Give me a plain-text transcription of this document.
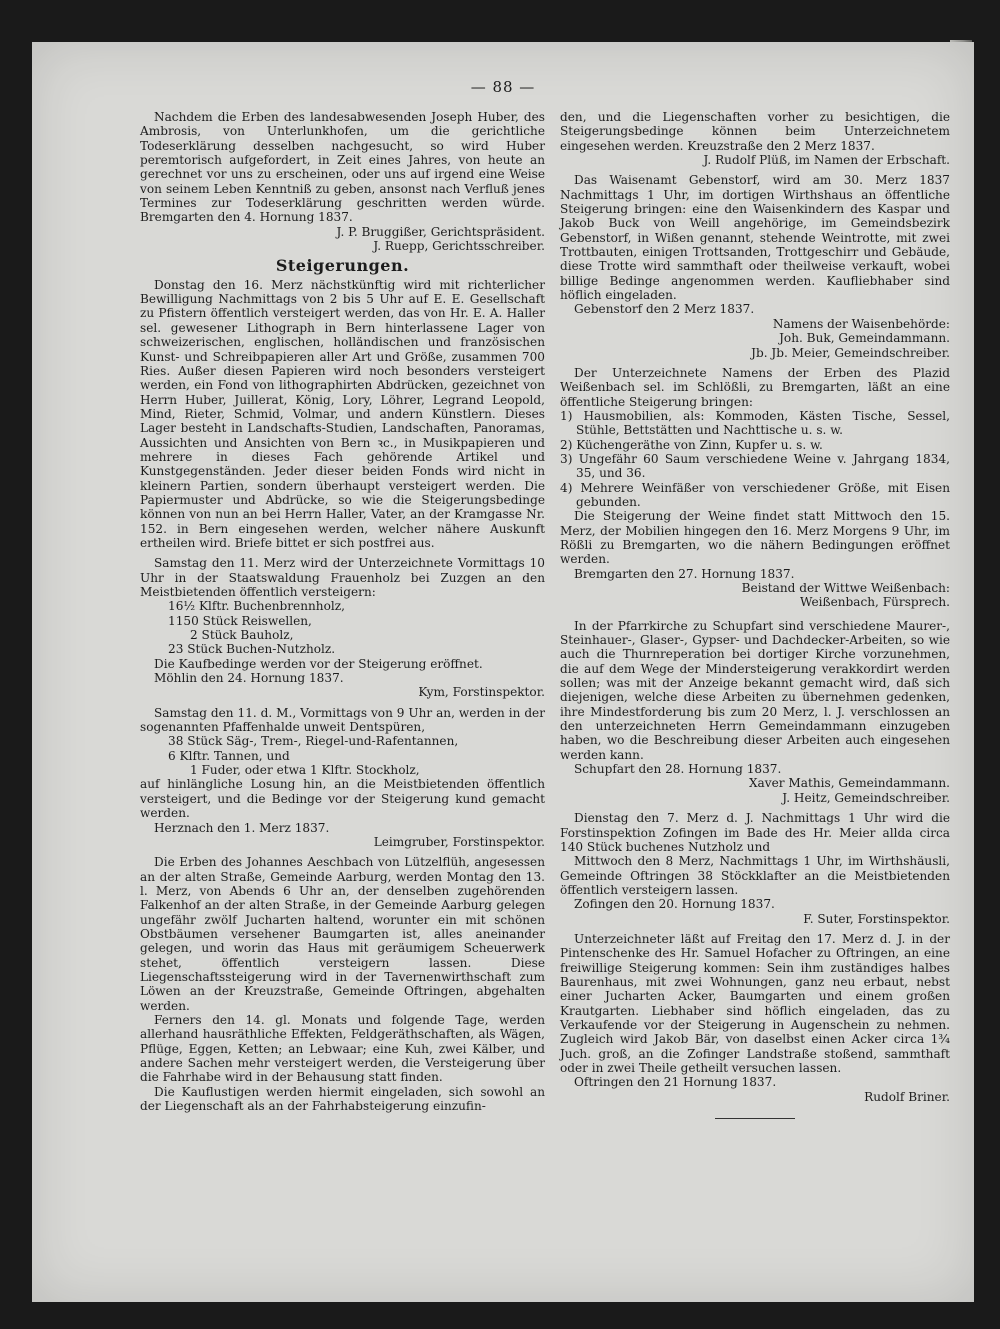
— 88 —

Nachdem die Erben des landesabwesenden Joseph Huber, des Ambrosis, von Unterlunkhofen, um die gerichtliche Todeserklärung desselben nachgesucht, so wird Huber peremtorisch aufgefordert, in Zeit eines Jahres, von heute an gerechnet vor uns zu erscheinen, oder uns auf irgend eine Weise von seinem Leben Kenntniß zu geben, ansonst nach Verfluß jenes Termines zur Todeserklärung geschritten werden würde. Bremgarten den 4. Hornung 1837.

J. P. Bruggißer, Gerichtspräsident.

J. Ruepp, Gerichtsschreiber.

Steigerungen.

Donstag den 16. Merz nächstkünftig wird mit richterlicher Bewilligung Nachmittags von 2 bis 5 Uhr auf E. E. Gesellschaft zu Pfistern öffentlich versteigert werden, das von Hr. E. A. Haller sel. gewesener Lithograph in Bern hinterlassene Lager von schweizerischen, englischen, holländischen und französischen Kunst- und Schreibpapieren aller Art und Größe, zusammen 700 Ries. Außer diesen Papieren wird noch besonders versteigert werden, ein Fond von lithographirten Abdrücken, gezeichnet von Herrn Huber, Juillerat, König, Lory, Löhrer, Legrand Leopold, Mind, Rieter, Schmid, Volmar, und andern Künstlern. Dieses Lager besteht in Landschafts-Studien, Landschaften, Panoramas, Aussichten und Ansichten von Bern ꝛc., in Musikpapieren und mehrere in dieses Fach gehörende Artikel und Kunstgegenständen. Jeder dieser beiden Fonds wird nicht in kleinern Partien, sondern überhaupt versteigert werden. Die Papiermuster und Abdrücke, so wie die Steigerungsbedinge können von nun an bei Herrn Haller, Vater, an der Kramgasse Nr. 152. in Bern eingesehen werden, welcher nähere Auskunft ertheilen wird. Briefe bittet er sich postfrei aus.

Samstag den 11. Merz wird der Unterzeichnete Vormittags 10 Uhr in der Staatswaldung Frauenholz bei Zuzgen an den Meistbietenden öffentlich versteigern:

16½ Klftr. Buchenbrennholz,

1150 Stück Reiswellen,

2 Stück Bauholz,

23 Stück Buchen-Nutzholz.

Die Kaufbedinge werden vor der Steigerung eröffnet.

Möhlin den 24. Hornung 1837.

Kym, Forstinspektor.

Samstag den 11. d. M., Vormittags von 9 Uhr an, werden in der sogenannten Pfaffenhalde unweit Dentspüren,

38 Stück Säg-, Trem-, Riegel-und-Rafentannen,

6 Klftr. Tannen, und

1 Fuder, oder etwa 1 Klftr. Stockholz,

auf hinlängliche Losung hin, an die Meistbietenden öffentlich versteigert, und die Bedinge vor der Steigerung kund gemacht werden.

Herznach den 1. Merz 1837.

Leimgruber, Forstinspektor.

Die Erben des Johannes Aeschbach von Lützelflüh, angesessen an der alten Straße, Gemeinde Aarburg, werden Montag den 13. l. Merz, von Abends 6 Uhr an, der denselben zugehörenden Falkenhof an der alten Straße, in der Gemeinde Aarburg gelegen ungefähr zwölf Jucharten haltend, worunter ein mit schönen Obstbäumen versehener Baumgarten ist, alles aneinander gelegen, und worin das Haus mit geräumigem Scheuerwerk stehet, öffentlich versteigern lassen. Diese Liegenschaftssteigerung wird in der Tavernenwirthschaft zum Löwen an der Kreuzstraße, Gemeinde Oftringen, abgehalten werden.

Ferners den 14. gl. Monats und folgende Tage, werden allerhand hausräthliche Effekten, Feldgeräthschaften, als Wägen, Pflüge, Eggen, Ketten; an Lebwaar; eine Kuh, zwei Kälber, und andere Sachen mehr versteigert werden, die Versteigerung über die Fahrhabe wird in der Behausung statt finden.

Die Kauflustigen werden hiermit eingeladen, sich sowohl an der Liegenschaft als an der Fahrhabsteigerung einzufin-

den, und die Liegenschaften vorher zu besichtigen, die Steigerungsbedinge können beim Unterzeichnetem eingesehen werden. Kreuzstraße den 2 Merz 1837.

J. Rudolf Plüß, im Namen der Erbschaft.

Das Waisenamt Gebenstorf, wird am 30. Merz 1837 Nachmittags 1 Uhr, im dortigen Wirthshaus an öffentliche Steigerung bringen: eine den Waisenkindern des Kaspar und Jakob Buck von Weill angehörige, im Gemeindsbezirk Gebenstorf, in Wißen genannt, stehende Weintrotte, mit zwei Trottbauten, einigen Trottsanden, Trottgeschirr und Gebäude, diese Trotte wird sammthaft oder theilweise verkauft, wobei billige Bedinge angenommen werden. Kaufliebhaber sind höflich eingeladen.

Gebenstorf den 2 Merz 1837.

Namens der Waisenbehörde:

Joh. Buk, Gemeindammann.

Jb. Jb. Meier, Gemeindschreiber.

Der Unterzeichnete Namens der Erben des Plazid Weißenbach sel. im Schlößli, zu Bremgarten, läßt an eine öffentliche Steigerung bringen:

1) Hausmobilien, als: Kommoden, Kästen Tische, Sessel, Stühle, Bettstätten und Nachttische u. s. w.

2) Küchengeräthe von Zinn, Kupfer u. s. w.

3) Ungefähr 60 Saum verschiedene Weine v. Jahrgang 1834, 35, und 36.

4) Mehrere Weinfäßer von verschiedener Größe, mit Eisen gebunden.

Die Steigerung der Weine findet statt Mittwoch den 15. Merz, der Mobilien hingegen den 16. Merz Morgens 9 Uhr, im Rößli zu Bremgarten, wo die nähern Bedingungen eröffnet werden.

Bremgarten den 27. Hornung 1837.

Beistand der Wittwe Weißenbach:

Weißenbach, Fürsprech.

In der Pfarrkirche zu Schupfart sind verschiedene Maurer-, Steinhauer-, Glaser-, Gypser- und Dachdecker-Arbeiten, so wie auch die Thurnreperation bei dortiger Kirche vorzunehmen, die auf dem Wege der Mindersteigerung verakkordirt werden sollen; was mit der Anzeige bekannt gemacht wird, daß sich diejenigen, welche diese Arbeiten zu übernehmen gedenken, ihre Mindestforderung bis zum 20 Merz, l. J. verschlossen an den unterzeichneten Herrn Gemeindammann einzugeben haben, wo die Beschreibung dieser Arbeiten auch eingesehen werden kann.

Schupfart den 28. Hornung 1837.

Xaver Mathis, Gemeindammann.

J. Heitz, Gemeindschreiber.

Dienstag den 7. Merz d. J. Nachmittags 1 Uhr wird die Forstinspektion Zofingen im Bade des Hr. Meier allda circa 140 Stück buchenes Nutzholz und

Mittwoch den 8 Merz, Nachmittags 1 Uhr, im Wirthshäusli, Gemeinde Oftringen 38 Stöckklafter an die Meistbietenden öffentlich versteigern lassen.

Zofingen den 20. Hornung 1837.

F. Suter, Forstinspektor.

Unterzeichneter läßt auf Freitag den 17. Merz d. J. in der Pintenschenke des Hr. Samuel Hofacher zu Oftringen, an eine freiwillige Steigerung kommen: Sein ihm zuständiges halbes Baurenhaus, mit zwei Wohnungen, ganz neu erbaut, nebst einer Jucharten Acker, Baumgarten und einem großen Krautgarten. Liebhaber sind höflich eingeladen, das zu Verkaufende vor der Steigerung in Augenschein zu nehmen. Zugleich wird Jakob Bär, von daselbst einen Acker circa 1¾ Juch. groß, an die Zofinger Landstraße stoßend, sammthaft oder in zwei Theile getheilt versuchen lassen.

Oftringen den 21 Hornung 1837.

Rudolf Briner.
